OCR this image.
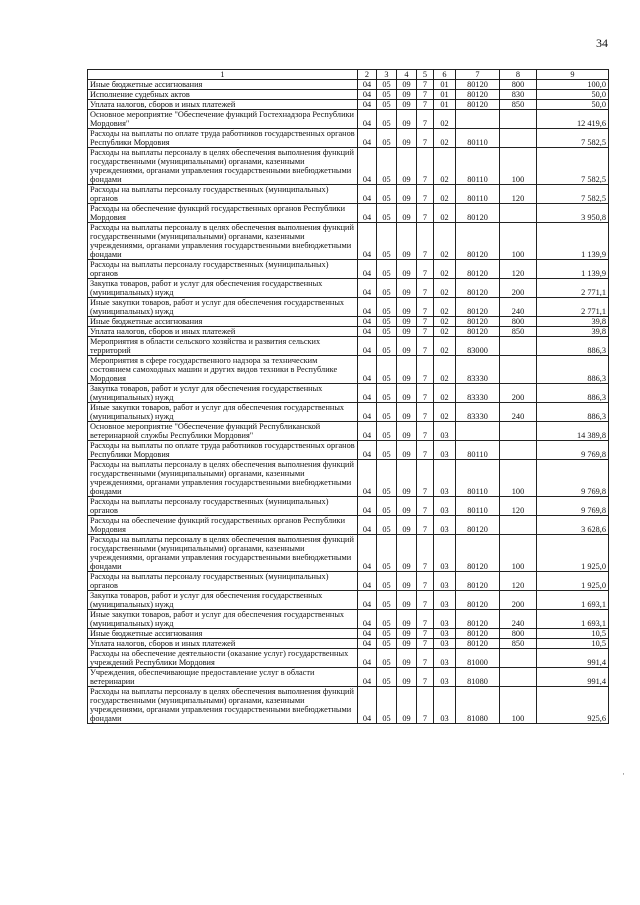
34
1	2	3	4	5	6	7	8	9
Иные бюджетные ассигнования	04	05	09	7	01	80120	800	100,0
Исполнение судебных актов	04	05	09	7	01	80120	830	50,0
Уплата налогов, сборов и иных платежей	04	05	09	7	01	80120	850	50,0
Основное мероприятие "Обеспечение функций Гостехнадзора Республики Мордовия"	04	05	09	7	02			12 419,6
Расходы на выплаты по оплате труда работников государственных органов Республики Мордовия	04	05	09	7	02	80110		7 582,5
Расходы на выплаты персоналу в целях обеспечения выполнения функций государственными (муниципальными) органами, казенными учреждениями, органами управления государственными внебюджетными фондами	04	05	09	7	02	80110	100	7 582,5
Расходы на выплаты персоналу государственных (муниципальных) органов	04	05	09	7	02	80110	120	7 582,5
Расходы на обеспечение функций государственных органов Республики Мордовия	04	05	09	7	02	80120		3 950,8
Расходы на выплаты персоналу в целях обеспечения выполнения функций государственными (муниципальными) органами, казенными учреждениями, органами управления государственными внебюджетными фондами	04	05	09	7	02	80120	100	1 139,9
Расходы на выплаты персоналу государственных (муниципальных) органов	04	05	09	7	02	80120	120	1 139,9
Закупка товаров, работ и услуг для обеспечения государственных (муниципальных) нужд	04	05	09	7	02	80120	200	2 771,1
Иные закупки товаров, работ и услуг для обеспечения государственных (муниципальных) нужд	04	05	09	7	02	80120	240	2 771,1
Иные бюджетные ассигнования	04	05	09	7	02	80120	800	39,8
Уплата налогов, сборов и иных платежей	04	05	09	7	02	80120	850	39,8
Мероприятия в области сельского хозяйства и развития сельских территорий	04	05	09	7	02	83000		886,3
Мероприятия в сфере государственного надзора за техническим состоянием самоходных машин и других видов техники в Республике Мордовия	04	05	09	7	02	83330		886,3
Закупка товаров, работ и услуг для обеспечения государственных (муниципальных) нужд	04	05	09	7	02	83330	200	886,3
Иные закупки товаров, работ и услуг для обеспечения государственных (муниципальных) нужд	04	05	09	7	02	83330	240	886,3
Основное мероприятие "Обеспечение функций Республиканской ветеринарной службы Республики Мордовия"	04	05	09	7	03			14 389,8
Расходы на выплаты по оплате труда работников государственных органов Республики Мордовия	04	05	09	7	03	80110		9 769,8
Расходы на выплаты персоналу в целях обеспечения выполнения функций государственными (муниципальными) органами, казенными учреждениями, органами управления государственными внебюджетными фондами	04	05	09	7	03	80110	100	9 769,8
Расходы на выплаты персоналу государственных (муниципальных) органов	04	05	09	7	03	80110	120	9 769,8
Расходы на обеспечение функций государственных органов Республики Мордовия	04	05	09	7	03	80120		3 628,6
Расходы на выплаты персоналу в целях обеспечения выполнения функций государственными (муниципальными) органами, казенными учреждениями, органами управления государственными внебюджетными фондами	04	05	09	7	03	80120	100	1 925,0
Расходы на выплаты персоналу государственных (муниципальных) органов	04	05	09	7	03	80120	120	1 925,0
Закупка товаров, работ и услуг для обеспечения государственных (муниципальных) нужд	04	05	09	7	03	80120	200	1 693,1
Иные закупки товаров, работ и услуг для обеспечения государственных (муниципальных) нужд	04	05	09	7	03	80120	240	1 693,1
Иные бюджетные ассигнования	04	05	09	7	03	80120	800	10,5
Уплата налогов, сборов и иных платежей	04	05	09	7	03	80120	850	10,5
Расходы на обеспечение деятельности (оказание услуг) государственных учреждений Республики Мордовия	04	05	09	7	03	81000		991,4
Учреждения, обеспечивающие предоставление услуг в области ветеринарии	04	05	09	7	03	81080		991,4
Расходы на выплаты персоналу в целях обеспечения выполнения функций государственными (муниципальными) органами, казенными учреждениями, органами управления государственными внебюджетными фондами	04	05	09	7	03	81080	100	925,6
·
